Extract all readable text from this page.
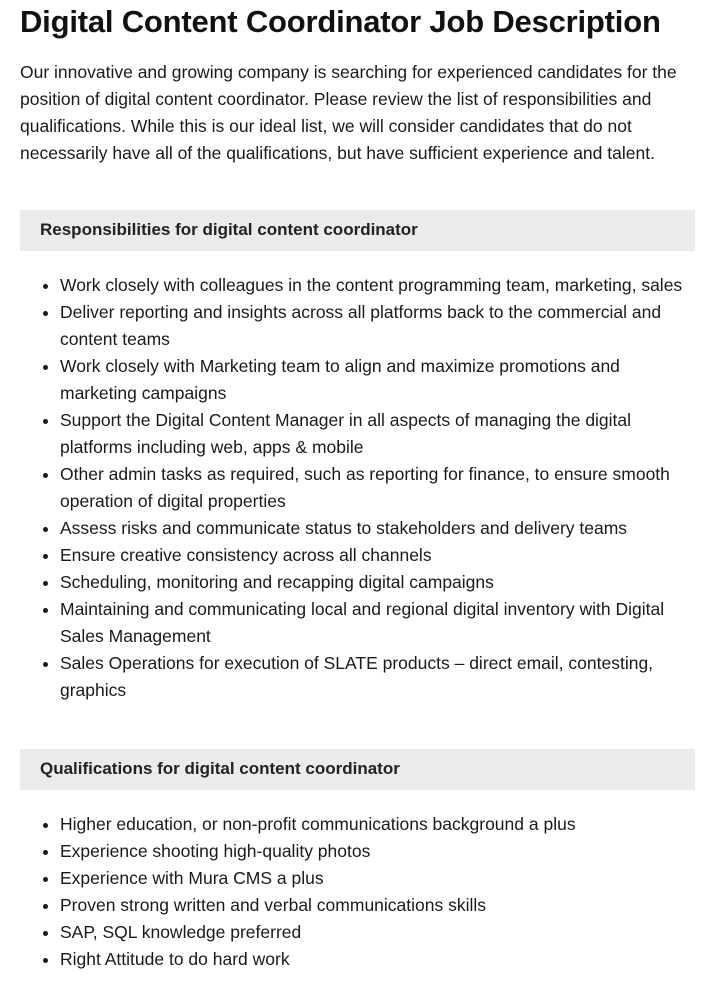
Digital Content Coordinator Job Description

Our innovative and growing company is searching for experienced candidates for the position of digital content coordinator. Please review the list of responsibilities and qualifications. While this is our ideal list, we will consider candidates that do not necessarily have all of the qualifications, but have sufficient experience and talent.

Responsibilities for digital content coordinator
• Work closely with colleagues in the content programming team, marketing, sales
• Deliver reporting and insights across all platforms back to the commercial and content teams
• Work closely with Marketing team to align and maximize promotions and marketing campaigns
• Support the Digital Content Manager in all aspects of managing the digital platforms including web, apps & mobile
• Other admin tasks as required, such as reporting for finance, to ensure smooth operation of digital properties
• Assess risks and communicate status to stakeholders and delivery teams
• Ensure creative consistency across all channels
• Scheduling, monitoring and recapping digital campaigns
• Maintaining and communicating local and regional digital inventory with Digital Sales Management
• Sales Operations for execution of SLATE products – direct email, contesting, graphics
Qualifications for digital content coordinator
• Higher education, or non-profit communications background a plus
• Experience shooting high-quality photos
• Experience with Mura CMS a plus
• Proven strong written and verbal communications skills
• SAP, SQL knowledge preferred
• Right Attitude to do hard work
